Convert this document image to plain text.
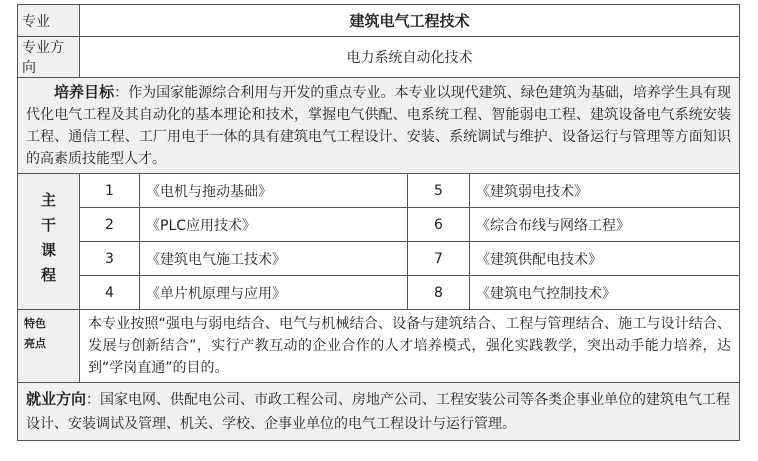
专业	建筑电气工程技术			
专业方向	电力系统自动化技术			
培养目标：作为国家能源综合利用与开发的重点专业。本专业以现代建筑、绿色建筑为基础，培养学生具有现代化电气工程及其自动化的基本理论和技术，掌握电气供配、电系统工程、智能弱电工程、建筑设备电气系统安装工程、通信工程、工厂用电于一体的具有建筑电气工程设计、安装、系统调试与维护、设备运行与管理等方面知识的高素质技能型人才。				
主干课程	1	《电机与拖动基础》	5	《建筑弱电技术》
	2	《PLC应用技术》	6	《综合布线与网络工程》
	3	《建筑电气施工技术》	7	《建筑供配电技术》
	4	《单片机原理与应用》	8	《建筑电气控制技术》

特色
亮点	本专业按照“强电与弱电结合、电气与机械结合、设备与建筑结合、工程与管理结合、施工与设计结合、发展与创新结合”，实行产教互动的企业合作的人才培养模式，强化实践教学，突出动手能力培养，达到“学岗直通”的目的。			
就业方向：国家电网、供配电公司、市政工程公司、房地产公司、工程安装公司等各类企事业单位的建筑电气工程设计、安装调试及管理、机关、学校、企事业单位的电气工程设计与运行管理。				
